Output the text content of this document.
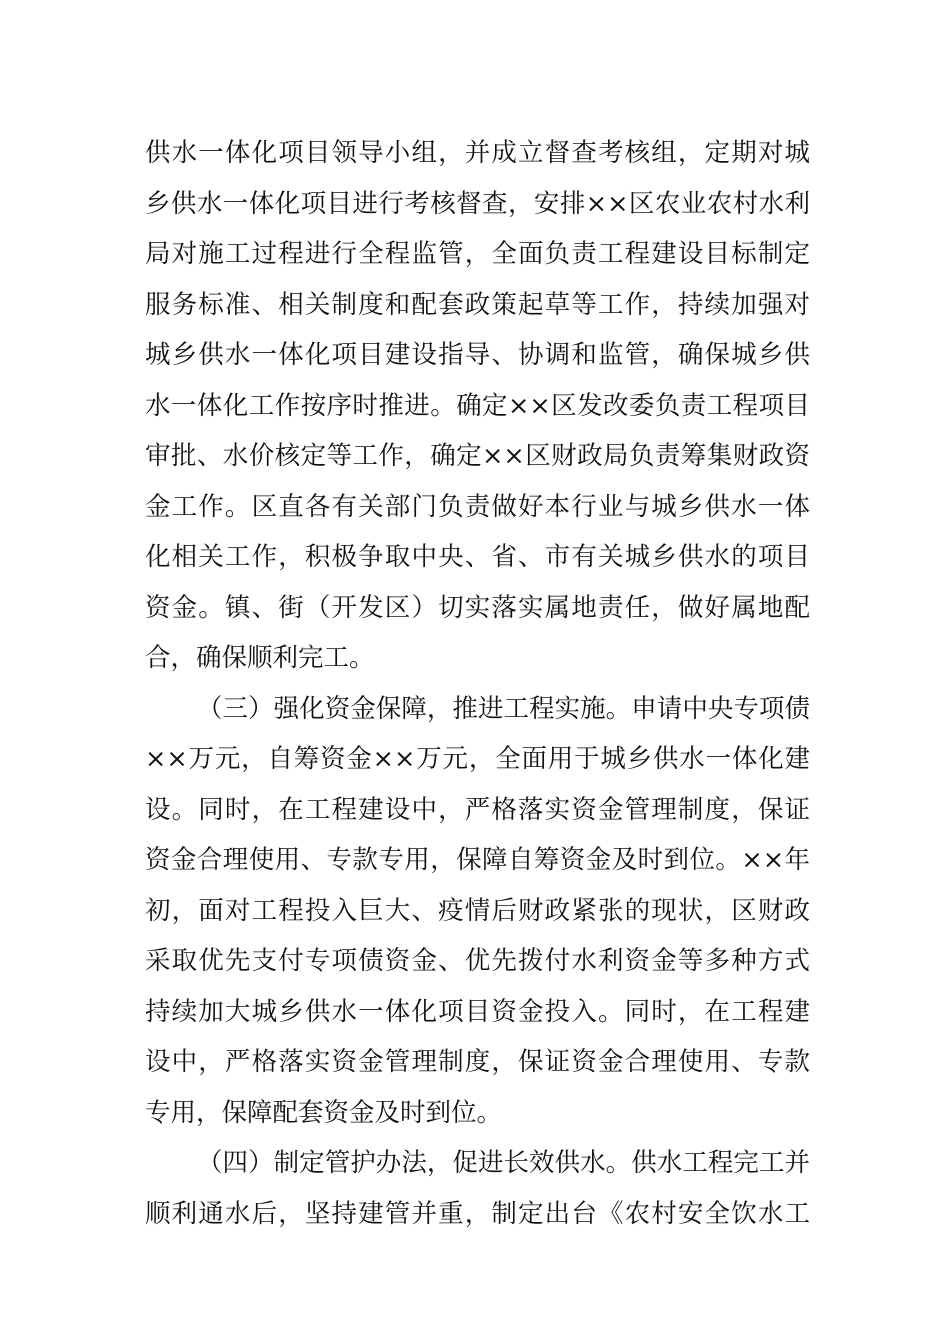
供水一体化项目领导小组，并成立督查考核组，定期对城
乡供水一体化项目进行考核督查，安排××区农业农村水利
局对施工过程进行全程监管，全面负责工程建设目标制定
服务标准、相关制度和配套政策起草等工作，持续加强对
城乡供水一体化项目建设指导、协调和监管，确保城乡供
水一体化工作按序时推进。确定××区发改委负责工程项目
审批、水价核定等工作，确定××区财政局负责筹集财政资
金工作。区直各有关部门负责做好本行业与城乡供水一体
化相关工作，积极争取中央、省、市有关城乡供水的项目
资金。镇、街（开发区）切实落实属地责任，做好属地配
合，确保顺利完工。
（三）强化资金保障，推进工程实施。申请中央专项债
××万元，自筹资金××万元，全面用于城乡供水一体化建
设。同时，在工程建设中，严格落实资金管理制度，保证
资金合理使用、专款专用，保障自筹资金及时到位。××年
初，面对工程投入巨大、疫情后财政紧张的现状，区财政
采取优先支付专项债资金、优先拨付水利资金等多种方式
持续加大城乡供水一体化项目资金投入。同时，在工程建
设中，严格落实资金管理制度，保证资金合理使用、专款
专用，保障配套资金及时到位。
（四）制定管护办法，促进长效供水。供水工程完工并
顺利通水后，坚持建管并重，制定出台《农村安全饮水工
